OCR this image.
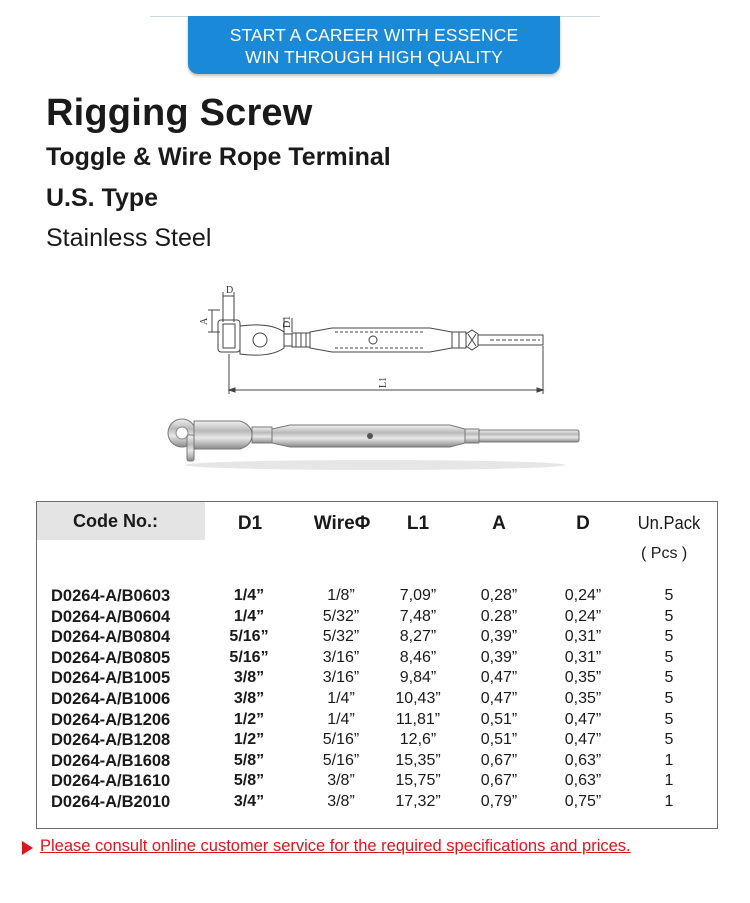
START A CAREER WITH ESSENCE
WIN THROUGH HIGH QUALITY
Rigging Screw
Toggle & Wire Rope Terminal
U.S. Type
Stainless Steel
D
A	D1
L1
Code No.:	D1	WireΦ	L1	A	D	Un.Pack
( Pcs )
D0264-A/B0603	1/4”	1/8”	7,09”	0,28”	0,24”	5
D0264-A/B0604	1/4”	5/32”	7,48”	0.28”	0,24”	5
D0264-A/B0804	5/16”	5/32”	8,27”	0,39”	0,31”	5
D0264-A/B0805	5/16”	3/16”	8,46”	0,39”	0,31”	5
D0264-A/B1005	3/8”	3/16”	9,84”	0,47”	0,35”	5
D0264-A/B1006	3/8”	1/4”	10,43”	0,47”	0,35”	5
D0264-A/B1206	1/2”	1/4”	11,81”	0,51”	0,47”	5
D0264-A/B1208	1/2”	5/16”	12,6”	0,51”	0,47”	5
D0264-A/B1608	5/8”	5/16”	15,35”	0,67”	0,63”	1
D0264-A/B1610	5/8”	3/8”	15,75”	0,67”	0,63”	1
D0264-A/B2010	3/4”	3/8”	17,32”	0,79”	0,75”	1
Please consult online customer service for the required specifications and prices.
